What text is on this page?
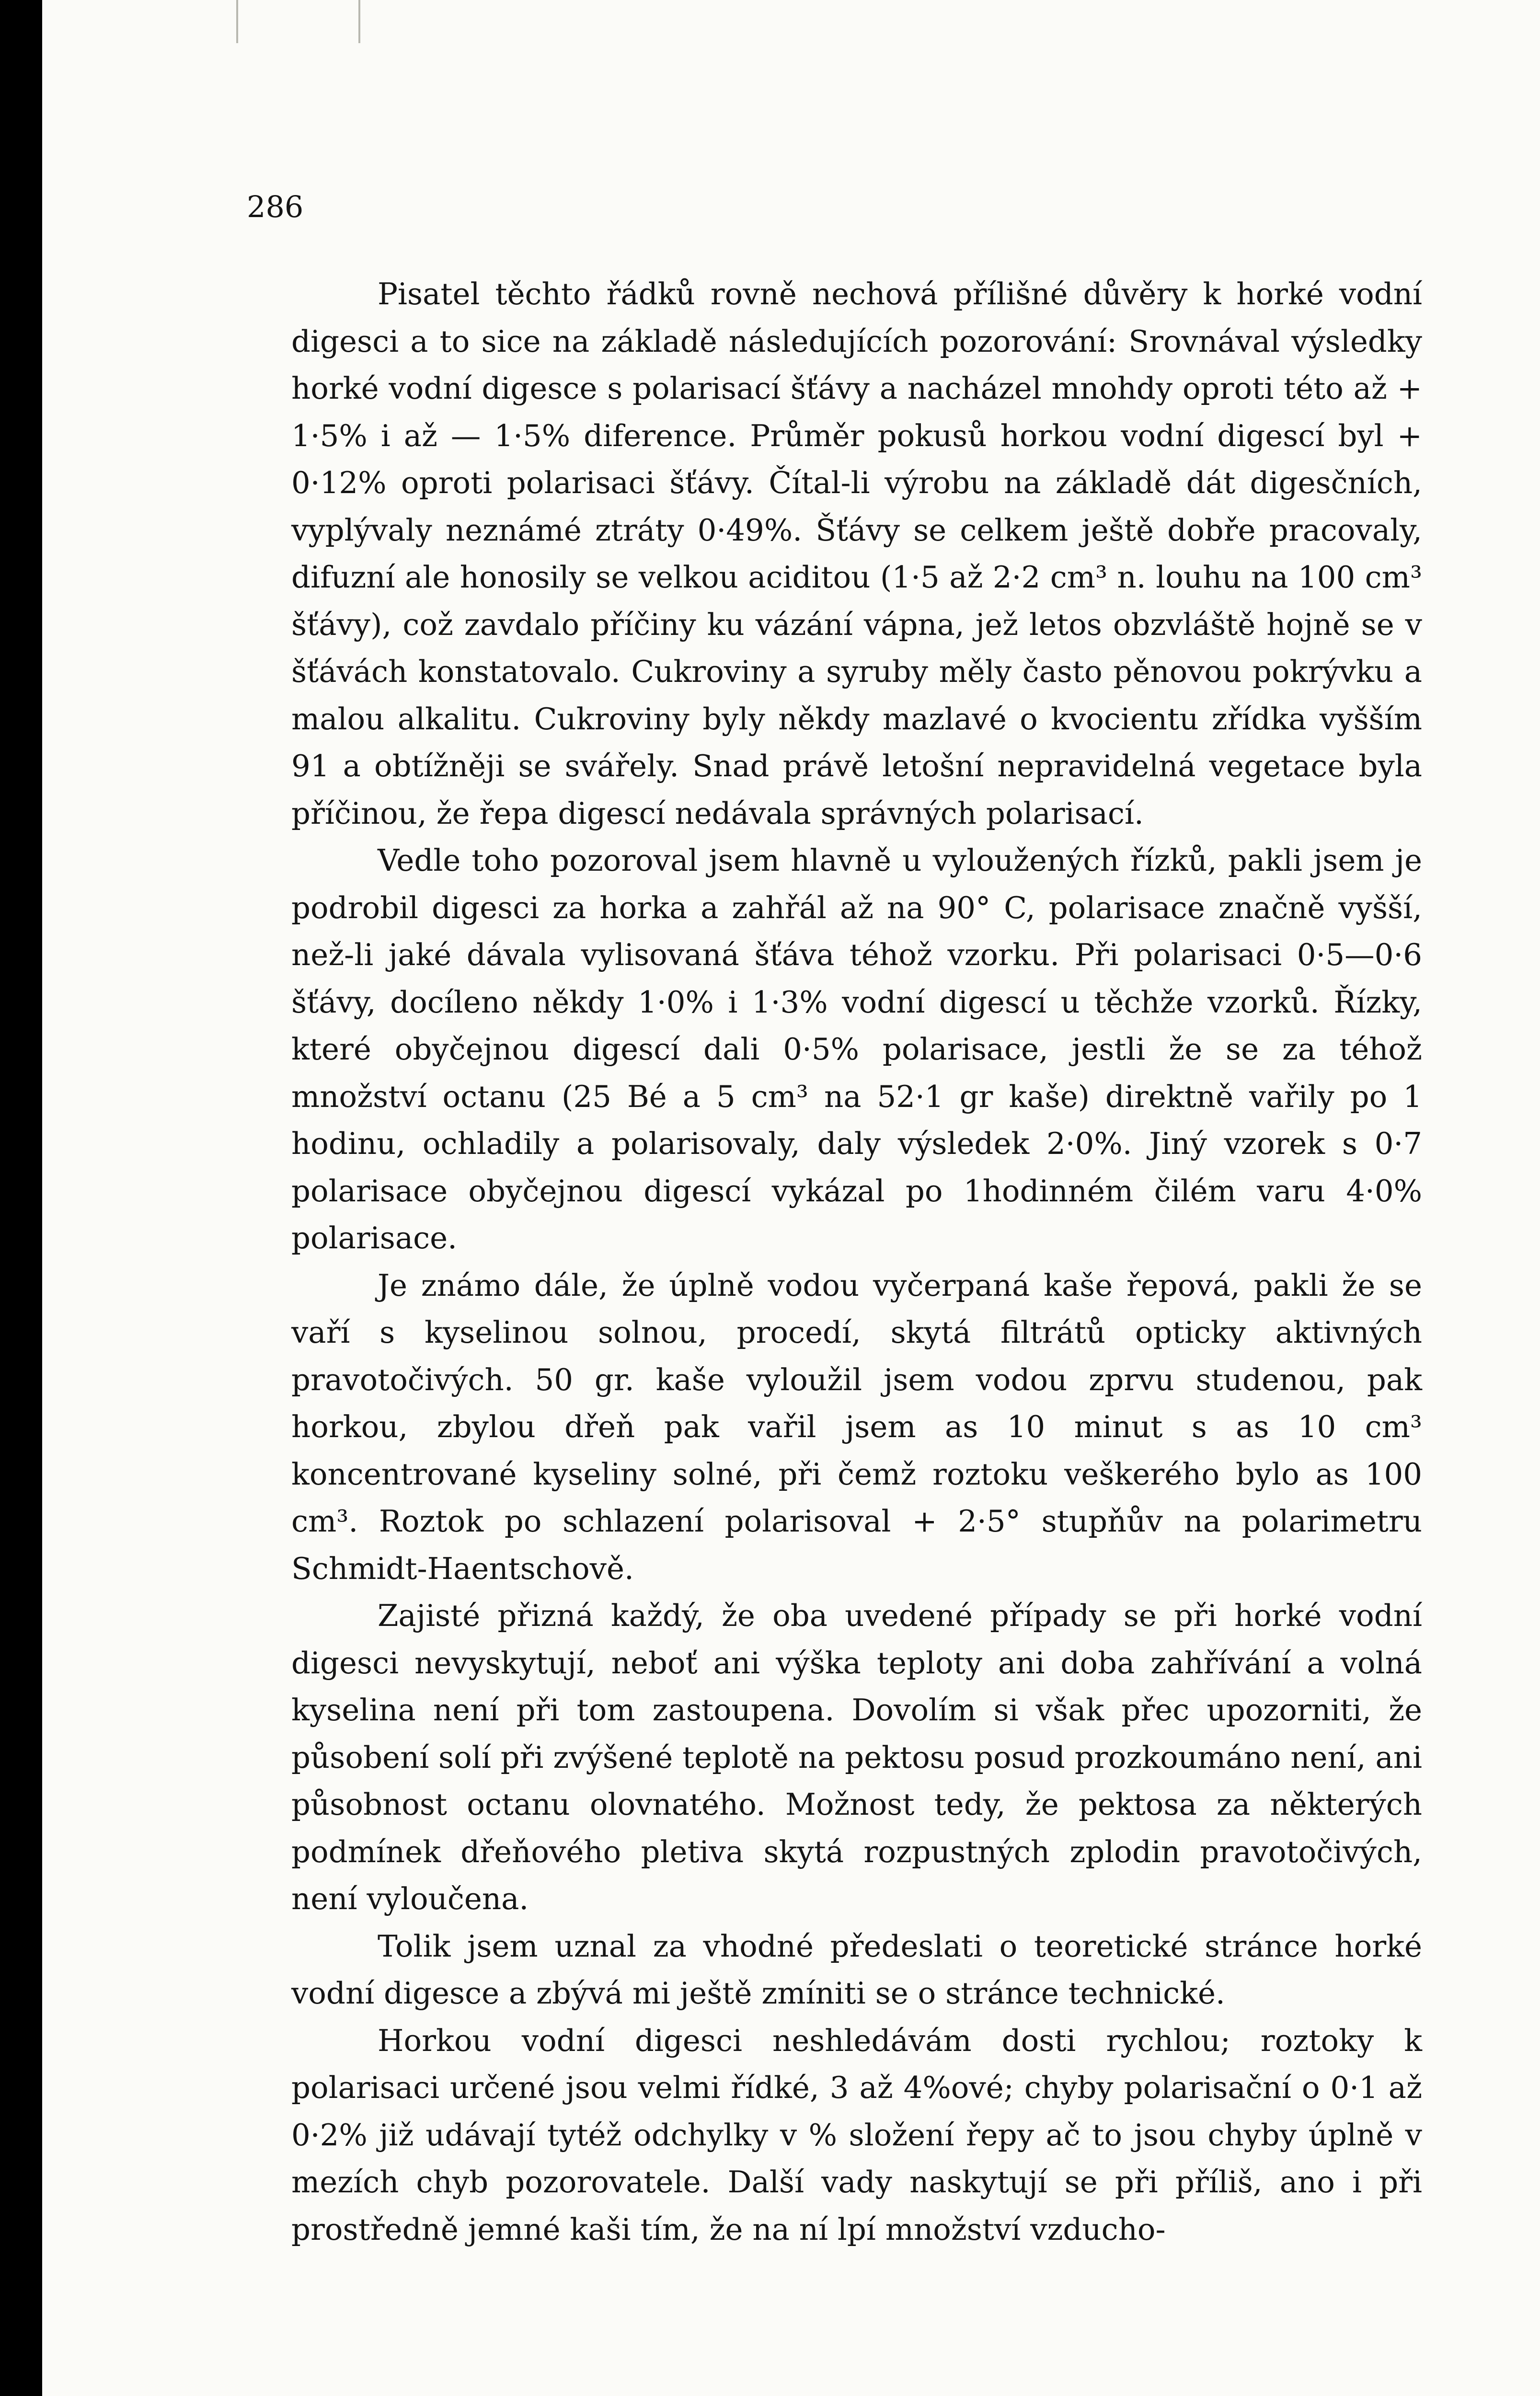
286

Pisatel těchto řádků rovně nechová přílišné důvěry k horké vodní digesci a to sice na základě následujících pozorování: Srovnával výsledky horké vodní digesce s polarisací šťávy a nacházel mnohdy oproti této až + 1·5% i až — 1·5% diference. Průměr pokusů horkou vodní digescí byl + 0·12% oproti polarisaci šťávy. Čítal-li výrobu na základě dát digesčních, vyplývaly neznámé ztráty 0·49%. Šťávy se celkem ještě dobře pracovaly, difuzní ale honosily se velkou aciditou (1·5 až 2·2 cm³ n. louhu na 100 cm³ šťávy), což zavdalo příčiny ku vázání vápna, jež letos obzvláště hojně se v šťávách konstatovalo. Cukroviny a syruby měly často pěnovou pokrývku a malou alkalitu. Cukroviny byly někdy mazlavé o kvocientu zřídka vyšším 91 a obtížněji se svářely. Snad právě letošní nepravidelná vegetace byla příčinou, že řepa digescí nedávala správných polarisací.

Vedle toho pozoroval jsem hlavně u vyloužených řízků, pakli jsem je podrobil digesci za horka a zahřál až na 90° C, polarisace značně vyšší, než-li jaké dávala vylisovaná šťáva téhož vzorku. Při polarisaci 0·5—0·6 šťávy, docíleno někdy 1·0% i 1·3% vodní digescí u těchže vzorků. Řízky, které obyčejnou digescí dali 0·5% polarisace, jestli že se za téhož množství octanu (25 Bé a 5 cm³ na 52·1 gr kaše) direktně vařily po 1 hodinu, ochladily a polarisovaly, daly výsledek 2·0%. Jiný vzorek s 0·7 polarisace obyčejnou digescí vykázal po 1hodinném čilém varu 4·0% polarisace.

Je známo dále, že úplně vodou vyčerpaná kaše řepová, pakli že se vaří s kyselinou solnou, procedí, skytá filtrátů opticky aktivných pravotočivých. 50 gr. kaše vyloužil jsem vodou zprvu studenou, pak horkou, zbylou dřeň pak vařil jsem as 10 minut s as 10 cm³ koncentrované kyseliny solné, při čemž roztoku veškerého bylo as 100 cm³. Roztok po schlazení polarisoval + 2·5° stupňův na polarimetru Schmidt-Haentschově.

Zajisté přizná každý, že oba uvedené případy se při horké vodní digesci nevyskytují, neboť ani výška teploty ani doba zahřívání a volná kyselina není při tom zastoupena. Dovolím si však přec upozorniti, že působení solí při zvýšené teplotě na pektosu posud prozkoumáno není, ani působnost octanu olovnatého. Možnost tedy, že pektosa za některých podmínek dřeňového pletiva skytá rozpustných zplodin pravotočivých, není vyloučena.

Tolik jsem uznal za vhodné předeslati o teoretické stránce horké vodní digesce a zbývá mi ještě zmíniti se o stránce technické.

Horkou vodní digesci neshledávám dosti rychlou; roztoky k polarisaci určené jsou velmi řídké, 3 až 4%ové; chyby polarisační o 0·1 až 0·2% již udávají tytéž odchylky v % složení řepy ač to jsou chyby úplně v mezích chyb pozorovatele. Další vady naskytují se při příliš, ano i při prostředně jemné kaši tím, že na ní lpí množství vzducho-
